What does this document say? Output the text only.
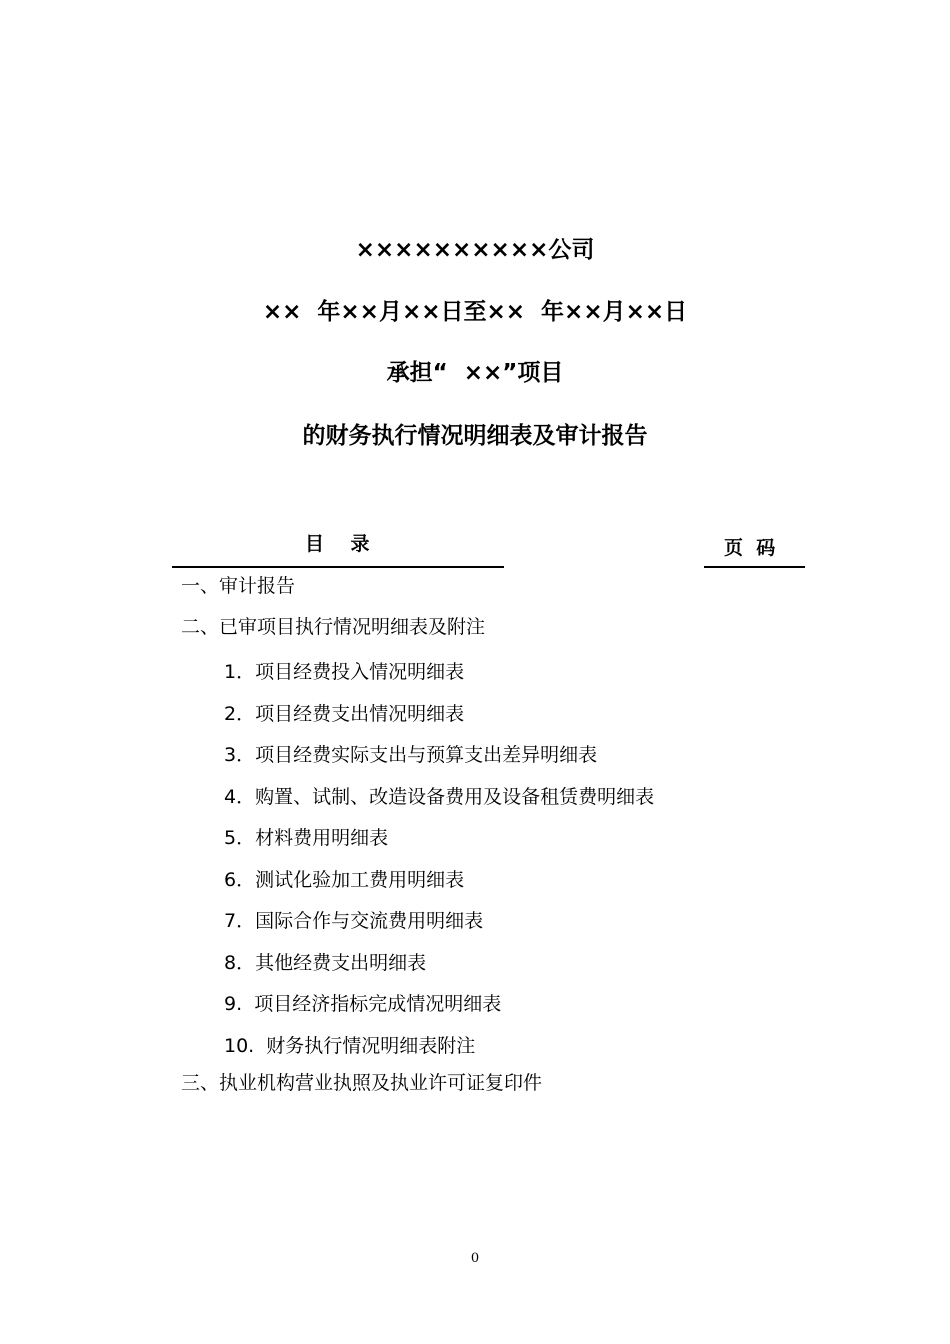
××××××××××公司
××  年××月××日至××  年××月××日
承担“  ××”项目
的财务执行情况明细表及审计报告
目    录	页  码
一、审计报告
二、已审项目执行情况明细表及附注
1．项目经费投入情况明细表
2．项目经费支出情况明细表
3．项目经费实际支出与预算支出差异明细表
4．购置、试制、改造设备费用及设备租赁费明细表
5．材料费用明细表
6．测试化验加工费用明细表
7．国际合作与交流费用明细表
8．其他经费支出明细表
9.  项目经济指标完成情况明细表
10.  财务执行情况明细表附注
三、执业机构营业执照及执业许可证复印件
0
